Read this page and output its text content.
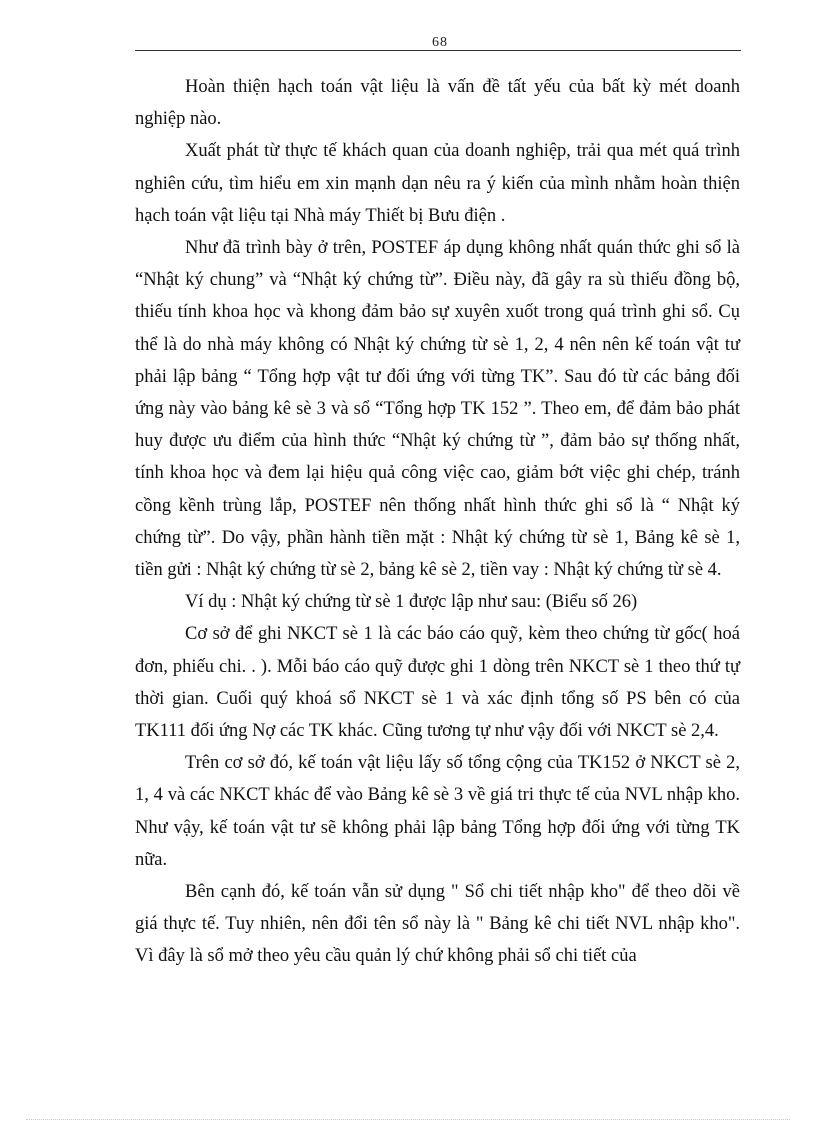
68

Hoàn thiện hạch toán vật liệu là vấn đề tất yếu của bất kỳ mét doanh nghiệp nào.

Xuất phát từ thực tế khách quan của doanh nghiệp, trải qua mét quá trình nghiên cứu, tìm hiểu em xin mạnh dạn nêu ra ý kiến của mình nhằm hoàn thiện hạch toán vật liệu tại Nhà máy Thiết bị Bưu điện .

Như đã trình bày ở trên, POSTEF áp dụng không nhất quán thức ghi sổ là “Nhật ký chung” và “Nhật ký chứng từ”. Điều này, đã gây ra sù thiếu đồng bộ, thiếu tính khoa học và khong đảm bảo sự xuyên xuốt trong quá trình ghi sổ. Cụ thể là do nhà máy không có Nhật ký chứng từ sè 1, 2, 4 nên nên kế toán vật tư phải lập bảng “ Tổng hợp vật tư đối ứng với từng TK”. Sau đó từ các bảng đối ứng này vào bảng kê sè 3 và sổ “Tổng hợp TK 152 ”. Theo em, để đảm bảo phát huy được ưu điểm của hình thức “Nhật ký chứng từ ”, đảm bảo sự thống nhất, tính khoa học và đem lại hiệu quả công việc cao, giảm bớt việc ghi chép, tránh cồng kềnh trùng lắp, POSTEF nên thống nhất hình thức ghi sổ là “ Nhật ký chứng từ”. Do vậy, phần hành tiền mặt : Nhật ký chứng từ sè 1, Bảng kê sè 1, tiền gửi : Nhật ký chứng từ sè 2, bảng kê sè 2, tiền vay : Nhật ký chứng từ sè 4.

Ví dụ : Nhật ký chứng từ sè 1 được lập như sau: (Biểu số 26)

Cơ sở để ghi NKCT sè 1 là các báo cáo quỹ, kèm theo chứng từ gốc( hoá đơn, phiếu chi. . ). Mỗi báo cáo quỹ được ghi 1 dòng trên NKCT sè 1 theo thứ tự thời gian. Cuối quý khoá sổ NKCT sè 1 và xác định tổng số PS bên có của TK111 đối ứng Nợ các TK khác. Cũng tương tự như vậy đối với NKCT sè 2,4.

Trên cơ sở đó, kế toán vật liệu lấy số tổng cộng của TK152 ở NKCT sè 2, 1, 4 và các NKCT khác để vào Bảng kê sè 3 về giá tri thực tế của NVL nhập kho. Như vậy, kế toán vật tư sẽ không phải lập bảng Tổng hợp đối ứng với từng TK nữa.

Bên cạnh đó, kế toán vẫn sử dụng " Sổ chi tiết nhập kho" để theo dõi về giá thực tế. Tuy nhiên, nên đổi tên sổ này là " Bảng kê chi tiết NVL nhập kho". Vì đây là sổ mở theo yêu cầu quản lý chứ không phải sổ chi tiết của
